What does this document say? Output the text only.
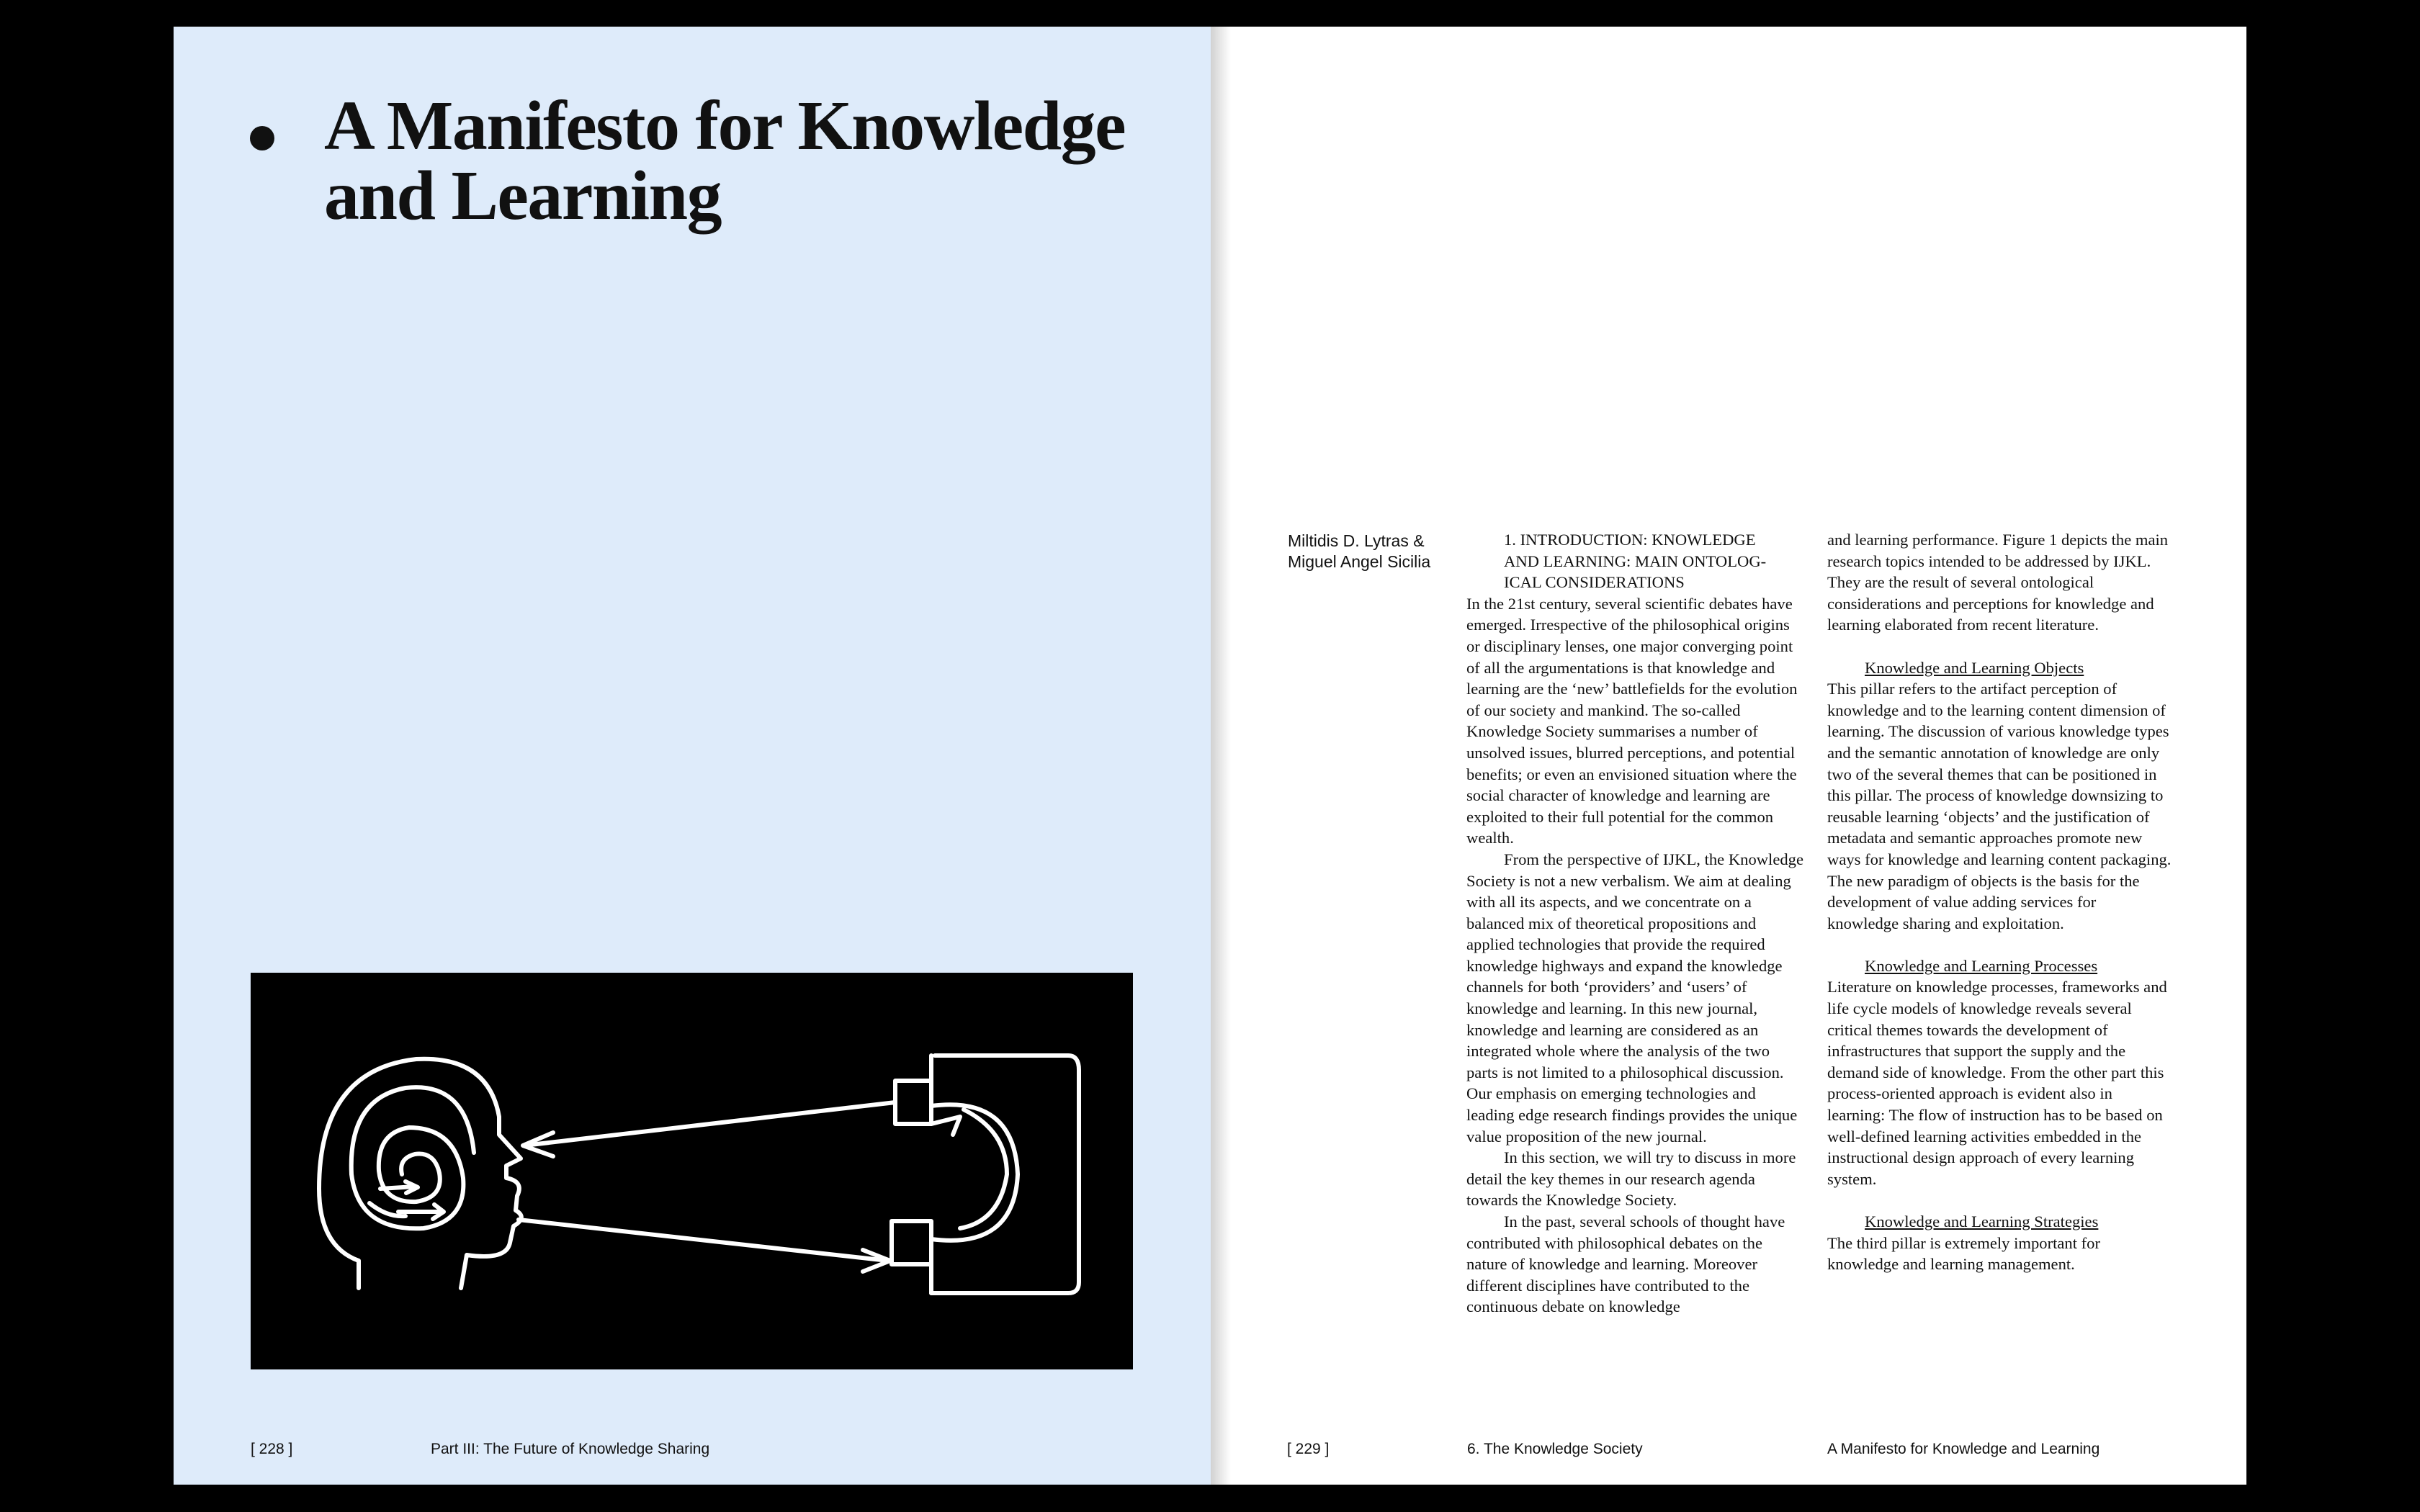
A Manifesto for Knowledge
and Learning
[ 228 ]	Part III: The Future of Knowledge Sharing
Miltidis D. Lytras &
Miguel Angel Sicilia

1. INTRODUCTION: KNOWLEDGE
AND LEARNING: MAIN ONTOLOG-
ICAL CONSIDERATIONS

In the 21st century, several scientific debates have emerged. Irrespective of the philosophical origins or disciplinary lenses, one major converging point of all the argumentations is that knowledge and learning are the ‘new’ battlefields for the evolution of our society and mankind. The so-called Knowledge Society summarises a number of unsolved issues, blurred perceptions, and potential benefits; or even an envisioned situation where the social character of knowledge and learning are exploited to their full potential for the common wealth.

From the perspective of IJKL, the Knowledge Society is not a new verbalism. We aim at dealing with all its aspects, and we concentrate on a balanced mix of theoretical propositions and applied technologies that provide the required knowledge highways and expand the knowledge channels for both ‘providers’ and ‘users’ of knowledge and learning. In this new journal, knowledge and learning are considered as an integrated whole where the analysis of the two parts is not limited to a philosophical discussion. Our emphasis on emerging technologies and leading edge research findings provides the unique value proposition of the new journal.

In this section, we will try to discuss in more detail the key themes in our research agenda towards the Knowledge Society.

In the past, several schools of thought have contributed with philosophical debates on the nature of knowledge and learning. Moreover different disciplines have contributed to the continuous debate on knowledge

and learning performance. Figure 1 depicts the main research topics intended to be addressed by IJKL. They are the result of several ontological considerations and perceptions for knowledge and learning elaborated from recent literature.

Knowledge and Learning Objects

This pillar refers to the artifact perception of knowledge and to the learning content dimension of learning. The discussion of various knowledge types and the semantic annotation of knowledge are only two of the several themes that can be positioned in this pillar. The process of knowledge downsizing to reusable learning ‘objects’ and the justification of metadata and semantic approaches promote new ways for knowledge and learning content packaging. The new paradigm of objects is the basis for the development of value adding services for knowledge sharing and exploitation.

Knowledge and Learning Processes

Literature on knowledge processes, frameworks and life cycle models of knowledge reveals several critical themes towards the development of infrastructures that support the supply and the demand side of knowledge. From the other part this process-oriented approach is evident also in learning: The flow of instruction has to be based on well-defined learning activities embedded in the instructional design approach of every learning system.

Knowledge and Learning Strategies

The third pillar is extremely important for knowledge and learning management.

[ 229 ]	6. The Knowledge Society	A Manifesto for Knowledge and Learning
